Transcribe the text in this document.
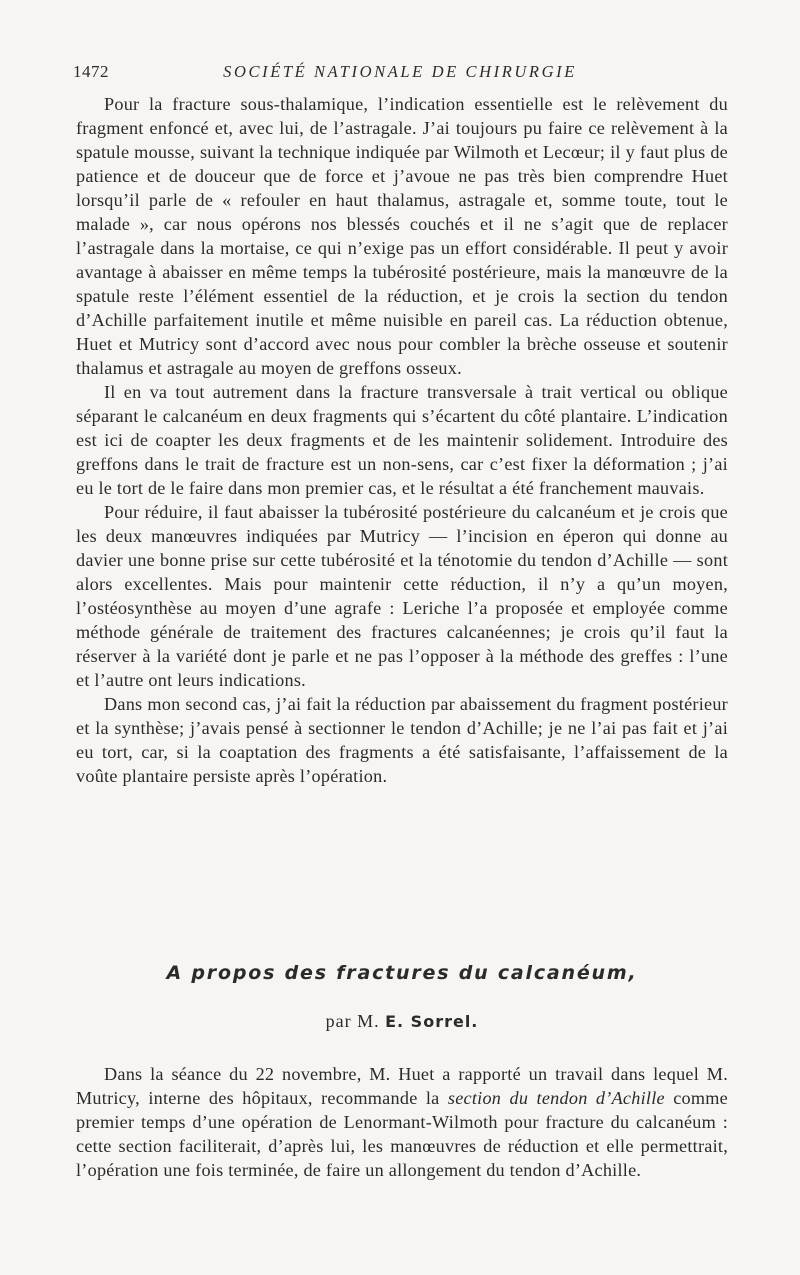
1472	SOCIÉTÉ NATIONALE DE CHIRURGIE

Pour la fracture sous-thalamique, l’indication essentielle est le relèvement du fragment enfoncé et, avec lui, de l’astragale. J’ai toujours pu faire ce relèvement à la spatule mousse, suivant la technique indiquée par Wilmoth et Lecœur; il y faut plus de patience et de douceur que de force et j’avoue ne pas très bien comprendre Huet lorsqu’il parle de « refouler en haut thalamus, astragale et, somme toute, tout le malade », car nous opérons nos blessés couchés et il ne s’agit que de replacer l’astragale dans la mortaise, ce qui n’exige pas un effort considérable. Il peut y avoir avantage à abaisser en même temps la tubérosité postérieure, mais la manœuvre de la spatule reste l’élément essentiel de la réduction, et je crois la section du tendon d’Achille parfaitement inutile et même nuisible en pareil cas. La réduction obtenue, Huet et Mutricy sont d’accord avec nous pour combler la brèche osseuse et soutenir thalamus et astragale au moyen de greffons osseux.

Il en va tout autrement dans la fracture transversale à trait vertical ou oblique séparant le calcanéum en deux fragments qui s’écartent du côté plantaire. L’indication est ici de coapter les deux fragments et de les maintenir solidement. Introduire des greffons dans le trait de fracture est un non-sens, car c’est fixer la déformation ; j’ai eu le tort de le faire dans mon premier cas, et le résultat a été franchement mauvais.

Pour réduire, il faut abaisser la tubérosité postérieure du calcanéum et je crois que les deux manœuvres indiquées par Mutricy — l’incision en éperon qui donne au davier une bonne prise sur cette tubérosité et la ténotomie du tendon d’Achille — sont alors excellentes. Mais pour maintenir cette réduction, il n’y a qu’un moyen, l’ostéosynthèse au moyen d’une agrafe : Leriche l’a proposée et employée comme méthode générale de traitement des fractures calcanéennes; je crois qu’il faut la réserver à la variété dont je parle et ne pas l’opposer à la méthode des greffes : l’une et l’autre ont leurs indications.

Dans mon second cas, j’ai fait la réduction par abaissement du fragment postérieur et la synthèse; j’avais pensé à sectionner le tendon d’Achille; je ne l’ai pas fait et j’ai eu tort, car, si la coaptation des fragments a été satisfaisante, l’affaissement de la voûte plantaire persiste après l’opération.

A propos des fractures du calcanéum,
par M. E. Sorrel.

Dans la séance du 22 novembre, M. Huet a rapporté un travail dans lequel M. Mutricy, interne des hôpitaux, recommande la section du tendon d’Achille comme premier temps d’une opération de Lenormant-Wilmoth pour fracture du calcanéum : cette section faciliterait, d’après lui, les manœuvres de réduction et elle permettrait, l’opération une fois terminée, de faire un allongement du tendon d’Achille.
